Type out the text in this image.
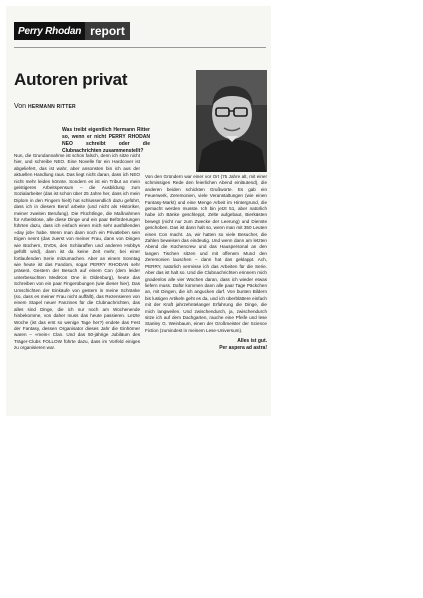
Perry Rhodan report
Autoren privat
Von HERMANN RITTER
Was treibt eigentlich Hermann Ritter so, wenn er nicht PERRY RHODAN NEO schreibt oder die Clubnachrichten zusammenstellt?

Nun, die Grundannahme ist schon falsch, denn ich sitze nicht hier, und schreibe NEO. Eine Novelle für ein Hardcover ist abgeliefert, das ist wahr, aber ansonsten bin ich aus der aktuellen Handlung raus. Das liegt nicht daran, dass ich NEO nicht mehr leiden könnte. Sondern es ist ein Tribut an mein geistigeres Arbeitspensum – die Ausbildung zum Sozialarbeiter (das ist schon über 25 Jahre her, dass ich mein Diplom in den Fingern hielt) hat schlussendlich dazu geführt, dass ich in diesem Beruf arbeite (und nicht als Historiker, meiner zweiten Berufung). Die Flüchtlinge, die Maßnahmen für Arbeitslose, alle diese Dinge und ein paar Beförderungen führten dazu, dass ich einfach einen mich sehr ausfüllenden »day job« habe. Wenn man dann noch ein Privatleben sein Eigen nennt (das zuerst von meiner Frau, dann von Dingen wie Büchern, DVDs, den Schlaraffen und anderen Hobbys gefüllt wird), dann ist da keine Zeit mehr, bei einer fortlaufenden Serie mitzumachen. Aber an einem Sonntag wie heute ist das Fandom, sogar PERRY RHODAN sehr präsent. Gestern der Besuch auf einem Con (dem leider unterbesuchten MediKon One in Oldenburg), heute das Schreiben von ein paar Fingerübungen (wie dieser hier). Das Umschichten der Einkäufe von gestern in meine Schränke (so, dass es meiner Frau nicht auffällt), das Rezensieren von einem Stapel neuer Fanzines für die Clubnachrichten, das alles sind Dinge, die ich nur noch am Wochenende hinbekomme, von daher muss das heute passieren. Letzte Woche (ist das erst so wenige Tage her?) endete das Fest der Fantasy, dessen Organisator dieses Jahr die Einhörner waren – »mein« Clan. Und das 50-jährige Jubiläum des Träger-Clubs FOLLOW führte dazu, dass im Vorfeld einiges zu organisieren war.

Von den Gründern war einer vor Ort (75 Jahre alt, mit einer schmissigen Rede den feierlichen Abend einläutend), die anderen beiden schickten Grußworte. Es gab ein Feuerwerk, Zeremonien, viele Veranstaltungen (wie einen Fantasy-Markt) und eine Menge Arbeit im Hintergrund, die gemacht werden musste. Ich bin jetzt 51, aber natürlich habe ich Bänke geschleppt, Zelte aufgebaut, Bierkästen bewegt (nicht nur zum Zwecke der Leerung) und Dienste geschoben. Das ist dann halt so, wenn man mit 350 Leuten einen Con macht. Ja, wir hatten so viele Besucher, die Zahlen beweisen das eindeutig. Und wenn dann am letzten Abend die Küchencrew und das Hauspersonal an den langen Tischen sitzen und mit offenem Mund den Zeremonien lauschen – dann hat das geklappt. Ach, PERRY, natürlich vermisse ich das Arbeiten für die Serie. Aber das ist halt so. Und die Clubnachrichten erinnern mich gnadenlos alle vier Wochen daran, dass ich wieder etwas liefern muss. Dafür kommen dann alle paar Tage Päckchen an, mit Dingen, die ich angucken darf. Von bunten Bildern bis lustigen Artikeln geht es da, und ich überblättere einfach mit der Kraft jahrzehntelanger Erfahrung die Dinge, die mich langweilen. Und zwischendurch, ja, zwischendurch sitze ich auf dem Dachgarten, rauche eine Pfeife und lese Stanley G. Weinbaum, einen der Großmeister der Science Fiction (zumindest in meinem Lese-Universum).

Alles ist gut.
Per aspera ad astra!
